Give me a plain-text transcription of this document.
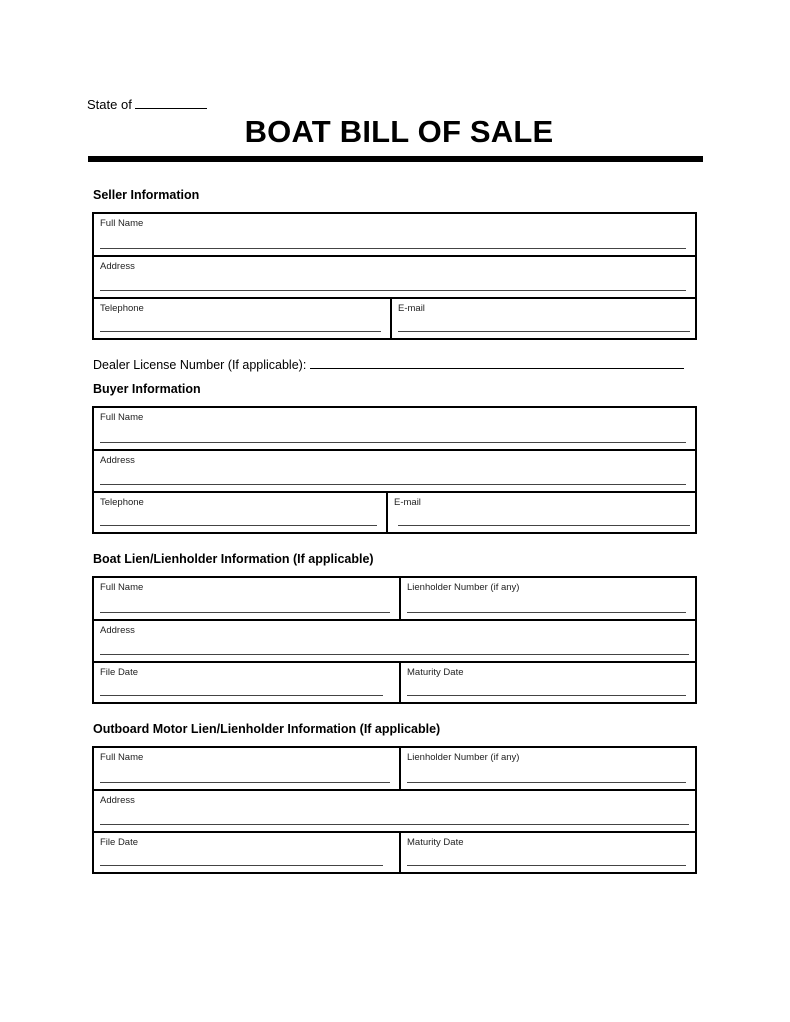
State of
BOAT BILL OF SALE
Seller Information
Full Name
Address
Telephone	E-mail
Dealer License Number (If applicable):
Buyer Information
Full Name
Address
Telephone	E-mail
Boat Lien/Lienholder Information (If applicable)
Full Name	Lienholder Number (if any)
Address
File Date	Maturity Date
Outboard Motor Lien/Lienholder Information (If applicable)
Full Name	Lienholder Number (if any)
Address
File Date	Maturity Date
